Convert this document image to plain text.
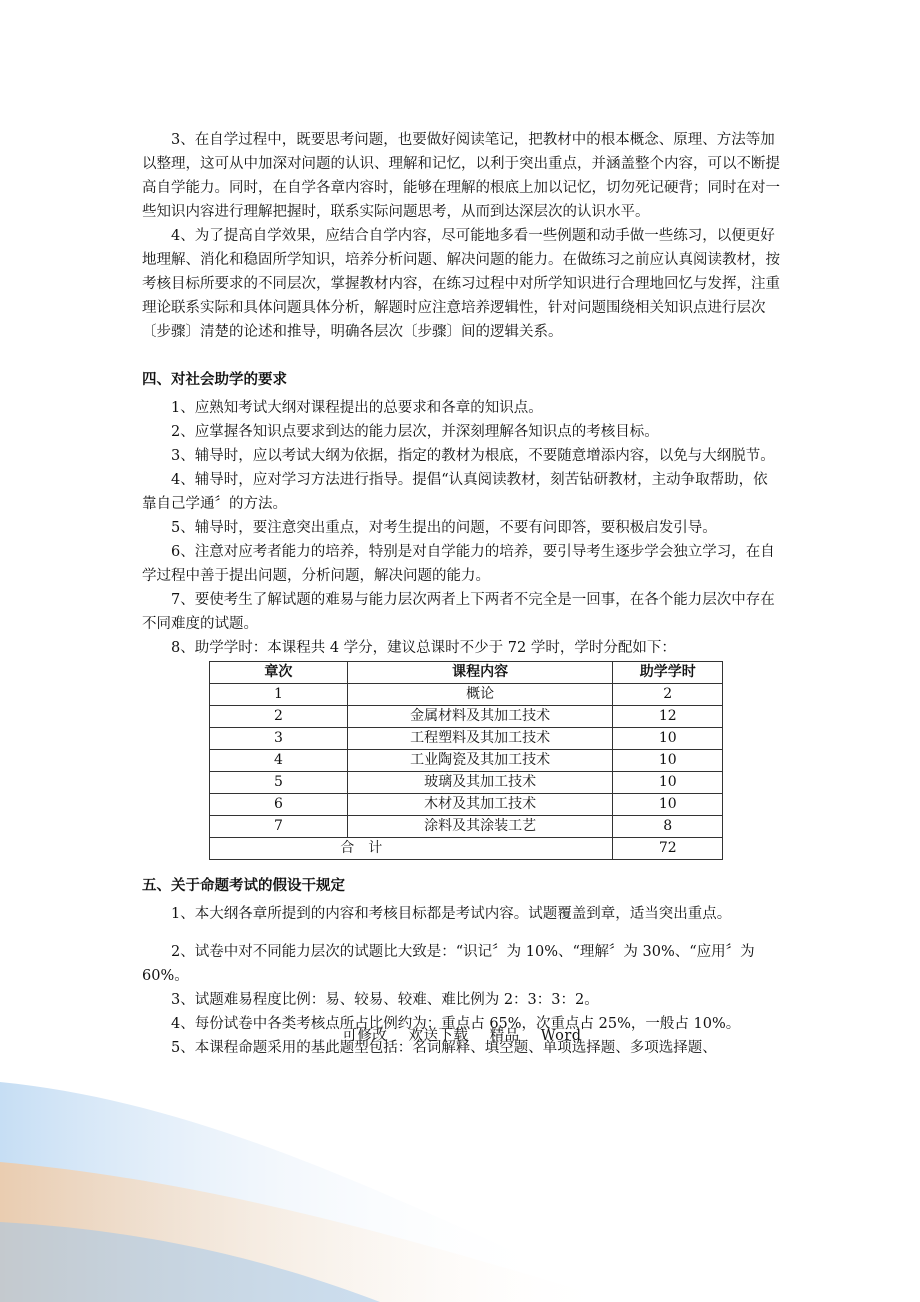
3、在自学过程中，既要思考问题，也要做好阅读笔记，把教材中的根本概念、原理、方法等加以整理，这可从中加深对问题的认识、理解和记忆，以利于突出重点，并涵盖整个内容，可以不断提高自学能力。同时，在自学各章内容时，能够在理解的根底上加以记忆，切勿死记硬背；同时在对一些知识内容进行理解把握时，联系实际问题思考，从而到达深层次的认识水平。

4、为了提高自学效果，应结合自学内容，尽可能地多看一些例题和动手做一些练习，以便更好地理解、消化和稳固所学知识，培养分析问题、解决问题的能力。在做练习之前应认真阅读教材，按考核目标所要求的不同层次，掌握教材内容，在练习过程中对所学知识进行合理地回忆与发挥，注重理论联系实际和具体问题具体分析，解题时应注意培养逻辑性，针对问题围绕相关知识点进行层次〔步骤〕清楚的论述和推导，明确各层次〔步骤〕间的逻辑关系。

四、对社会助学的要求

1、应熟知考试大纲对课程提出的总要求和各章的知识点。

2、应掌握各知识点要求到达的能力层次，并深刻理解各知识点的考核目标。

3、辅导时，应以考试大纲为依据，指定的教材为根底，不要随意增添内容，以免与大纲脱节。

4、辅导时，应对学习方法进行指导。提倡“认真阅读教材，刻苦钻研教材，主动争取帮助，依靠自己学通〞的方法。

5、辅导时，要注意突出重点，对考生提出的问题，不要有问即答，要积极启发引导。

6、注意对应考者能力的培养，特别是对自学能力的培养，要引导考生逐步学会独立学习，在自学过程中善于提出问题，分析问题，解决问题的能力。

7、要使考生了解试题的难易与能力层次两者上下两者不完全是一回事，在各个能力层次中存在不同难度的试题。

8、助学学时：本课程共 4 学分，建议总课时不少于 72 学时，学时分配如下：

章次	课程内容	助学学时
1	概论	2
2	金属材料及其加工技术	12
3	工程塑料及其加工技术	10
4	工业陶瓷及其加工技术	10
5	玻璃及其加工技术	10
6	木材及其加工技术	10
7	涂料及其涂装工艺	8
合　计		72

五、关于命题考试的假设干规定

1、本大纲各章所提到的内容和考核目标都是考试内容。试题覆盖到章，适当突出重点。

2、试卷中对不同能力层次的试题比大致是：“识记〞为 10%、“理解〞为 30%、“应用〞为 60%。

3、试题难易程度比例：易、较易、较难、难比例为 2：3：3：2。

4、每份试卷中各类考核点所占比例约为：重点占 65%，次重点占 25%，一般占 10%。

5、本课程命题采用的基此题型包括：名词解释、填空题、单项选择题、多项选择题、

可修改 欢送下载 精品 Word
